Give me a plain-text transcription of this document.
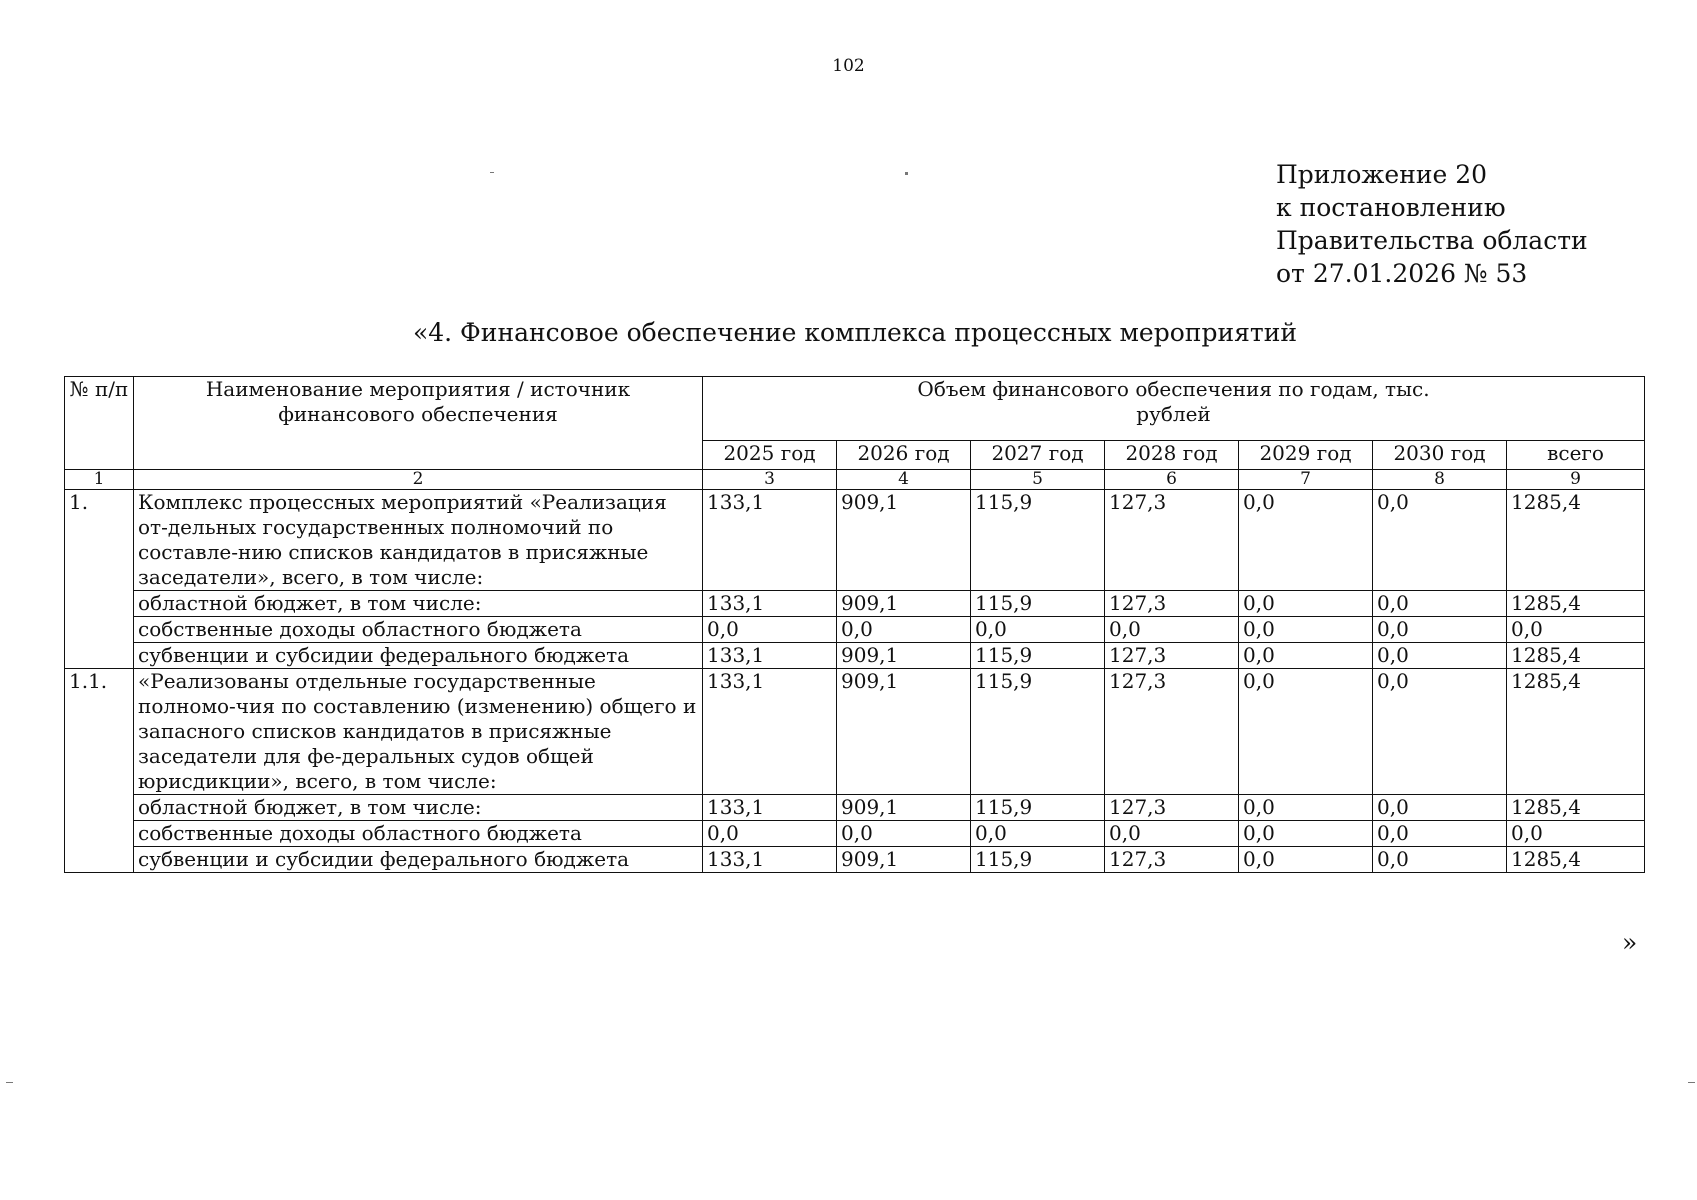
102
Приложение 20
к постановлению
Правительства области
от 27.01.2026 № 53
«4. Финансовое обеспечение комплекса процессных мероприятий
№ п/п	Наименование мероприятия / источник финансового обеспечения	Объем финансового обеспечения по годам, тыс. рублей						
		2025 год	2026 год	2027 год	2028 год	2029 год	2030 год	всего
1	2	3	4	5	6	7	8	9
1.	Комплекс процессных мероприятий «Реализация от-дельных государственных полномочий по составле-нию списков кандидатов в присяжные заседатели», всего, в том числе:	133,1	909,1	115,9	127,3	0,0	0,0	1285,4
	областной бюджет, в том числе:	133,1	909,1	115,9	127,3	0,0	0,0	1285,4
	собственные доходы областного бюджета	0,0	0,0	0,0	0,0	0,0	0,0	0,0
	субвенции и субсидии федерального бюджета	133,1	909,1	115,9	127,3	0,0	0,0	1285,4
1.1.	«Реализованы отдельные государственные полномо-чия по составлению (изменению) общего и запасного списков кандидатов в присяжные заседатели для фе-деральных судов общей юрисдикции», всего, в том числе:	133,1	909,1	115,9	127,3	0,0	0,0	1285,4
	областной бюджет, в том числе:	133,1	909,1	115,9	127,3	0,0	0,0	1285,4
	собственные доходы областного бюджета	0,0	0,0	0,0	0,0	0,0	0,0	0,0
	субвенции и субсидии федерального бюджета	133,1	909,1	115,9	127,3	0,0	0,0	1285,4
»
